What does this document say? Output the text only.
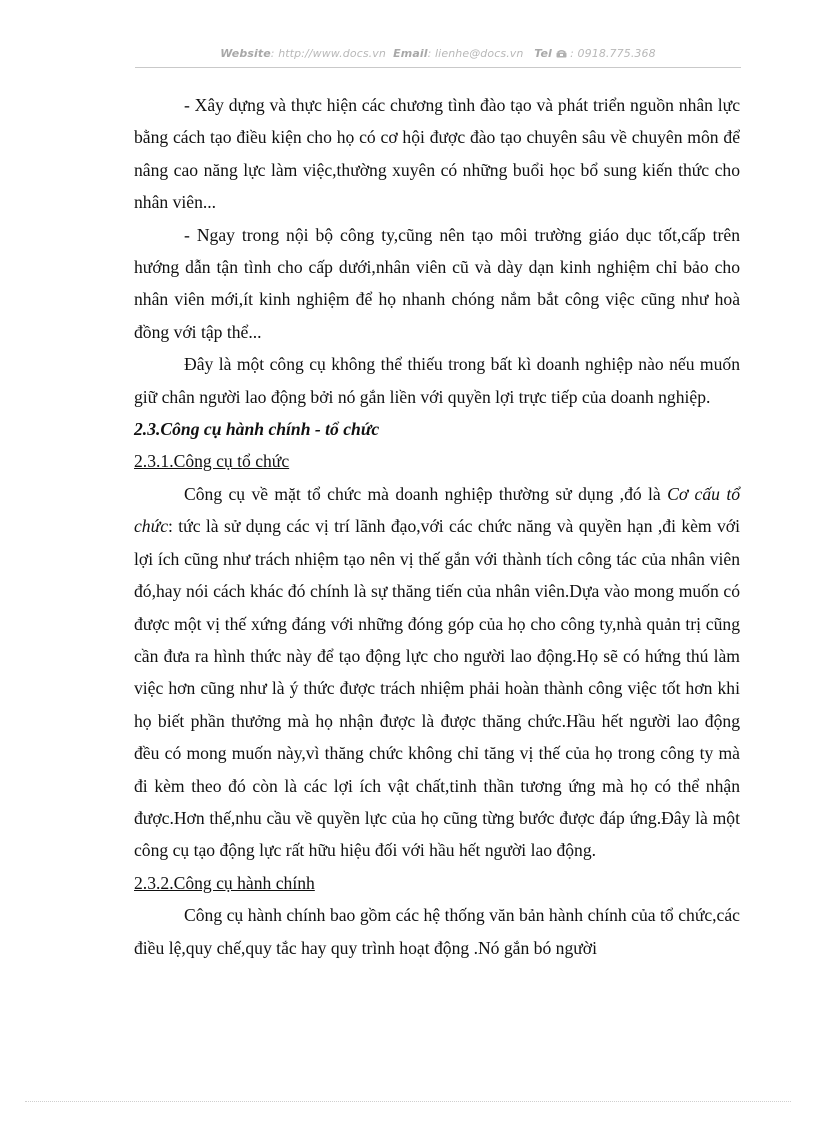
Website: http://www.docs.vn Email: lienhe@docs.vn Tel : 0918.775.368

- Xây dựng và thực hiện các chương tình đào tạo và phát triển nguồn nhân lực bằng cách tạo điều kiện cho họ có cơ hội được đào tạo chuyên sâu về chuyên môn để nâng cao năng lực làm việc,thường xuyên có những buổi học bổ sung kiến thức cho nhân viên...

- Ngay trong nội bộ công ty,cũng nên tạo môi trường giáo dục tốt,cấp trên hướng dẫn tận tình cho cấp dưới,nhân viên cũ và dày dạn kinh nghiệm chỉ bảo cho nhân viên mới,ít kinh nghiệm để họ nhanh chóng nắm bắt công việc cũng như hoà đồng với tập thể...

Đây là một công cụ không thể thiếu trong bất kì doanh nghiệp nào nếu muốn giữ chân người lao động bởi nó gắn liền với quyền lợi trực tiếp của doanh nghiệp.

2.3.Công cụ hành chính - tổ chức

2.3.1.Công cụ tổ chức

Công cụ về mặt tổ chức mà doanh nghiệp thường sử dụng ,đó là Cơ cấu tổ chức: tức là sử dụng các vị trí lãnh đạo,với các chức năng và quyền hạn ,đi kèm với lợi ích cũng như trách nhiệm tạo nên vị thế gắn với thành tích công tác của nhân viên đó,hay nói cách khác đó chính là sự thăng tiến của nhân viên.Dựa vào mong muốn có được một vị thế xứng đáng với những đóng góp của họ cho công ty,nhà quản trị cũng cần đưa ra hình thức này để tạo động lực cho người lao động.Họ sẽ có hứng thú làm việc hơn cũng như là ý thức được trách nhiệm phải hoàn thành công việc tốt hơn khi họ biết phần thưởng mà họ nhận được là được thăng chức.Hầu hết người lao động đều có mong muốn này,vì thăng chức không chỉ tăng vị thế của họ trong công ty mà đi kèm theo đó còn là các lợi ích vật chất,tinh thần tương ứng mà họ có thể nhận được.Hơn thế,nhu cầu về quyền lực của họ cũng từng bước được đáp ứng.Đây là một công cụ tạo động lực rất hữu hiệu đối với hầu hết người lao động.

2.3.2.Công cụ hành chính

Công cụ hành chính bao gồm các hệ thống văn bản hành chính của tổ chức,các điều lệ,quy chế,quy tắc hay quy trình hoạt động .Nó gắn bó người
